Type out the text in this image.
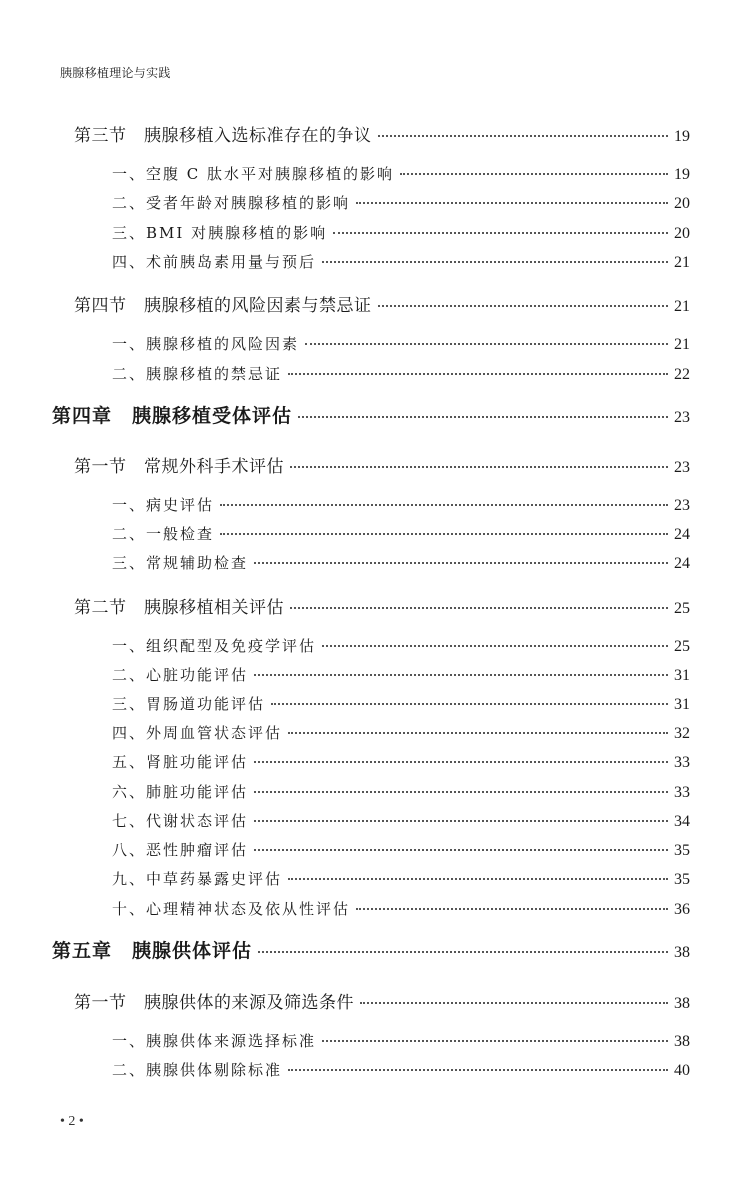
胰腺移植理论与实践
第三节　胰腺移植入选标准存在的争议	19
一、空腹 C 肽水平对胰腺移植的影响	19
二、受者年龄对胰腺移植的影响	20
三、BMI 对胰腺移植的影响	20
四、术前胰岛素用量与预后	21
第四节　胰腺移植的风险因素与禁忌证	21
一、胰腺移植的风险因素	21
二、胰腺移植的禁忌证	22
第四章　胰腺移植受体评估	23
第一节　常规外科手术评估	23
一、病史评估	23
二、一般检查	24
三、常规辅助检查	24
第二节　胰腺移植相关评估	25
一、组织配型及免疫学评估	25
二、心脏功能评估	31
三、胃肠道功能评估	31
四、外周血管状态评估	32
五、肾脏功能评估	33
六、肺脏功能评估	33
七、代谢状态评估	34
八、恶性肿瘤评估	35
九、中草药暴露史评估	35
十、心理精神状态及依从性评估	36
第五章　胰腺供体评估	38
第一节　胰腺供体的来源及筛选条件	38
一、胰腺供体来源选择标准	38
二、胰腺供体剔除标准	40
• 2 •
